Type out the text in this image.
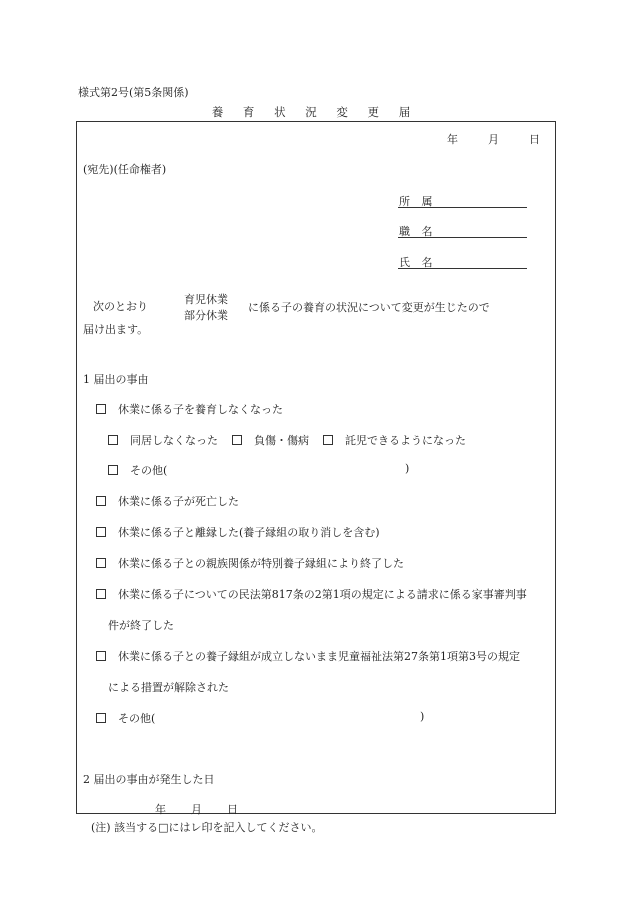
様式第2号(第5条関係)
養 育 状 況 変 更 届
年	月	日
(宛先)(任命権者)
所 属
職 名
氏 名
次のとおり
育児休業
部分休業
に係る子の養育の状況について変更が生じたので
届け出ます。
1 届出の事由
休業に係る子を養育しなくなった
同居しなくなった	負傷・傷病	託児できるようになった
その他(	)
休業に係る子が死亡した
休業に係る子と離縁した(養子縁組の取り消しを含む)
休業に係る子との親族関係が特別養子縁組により終了した
休業に係る子についての民法第817条の2第1項の規定による請求に係る家事審判事
件が終了した
休業に係る子との養子縁組が成立しないまま児童福祉法第27条第1項第3号の規定
による措置が解除された
その他(	)
2 届出の事由が発生した日
年 月 日
(注) 該当する□にはレ印を記入してください。
